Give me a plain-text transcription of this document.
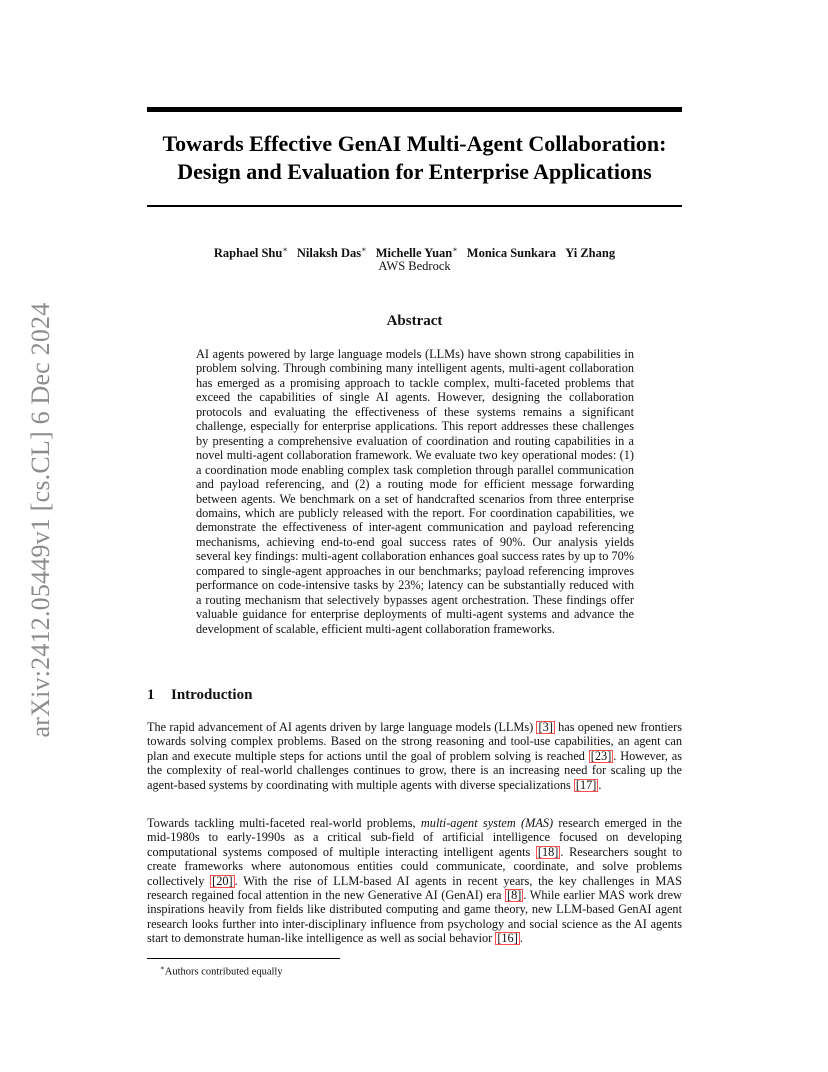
Towards Effective GenAI Multi-Agent Collaboration:
Design and Evaluation for Enterprise Applications
arXiv:2412.05449v1 [cs.CL] 6 Dec 2024
Raphael Shu∗ Nilaksh Das∗ Michelle Yuan∗ Monica Sunkara Yi Zhang
AWS Bedrock
Abstract
AI agents powered by large language models (LLMs) have shown strong capabilities in problem solving. Through combining many intelligent agents, multi-agent collaboration has emerged as a promising approach to tackle complex, multi-faceted problems that exceed the capabilities of single AI agents. However, designing the collaboration protocols and evaluating the effectiveness of these systems remains a significant challenge, especially for enterprise applications. This report addresses these challenges by presenting a comprehensive evaluation of coordination and routing capabilities in a novel multi-agent collaboration framework. We evaluate two key operational modes: (1) a coordination mode enabling complex task completion through parallel communication and payload referencing, and (2) a routing mode for efficient message forwarding between agents. We benchmark on a set of handcrafted scenarios from three enterprise domains, which are publicly released with the report. For coordination capabilities, we demonstrate the effectiveness of inter-agent communication and payload referencing mechanisms, achieving end-to-end goal success rates of 90%. Our analysis yields several key findings: multi-agent collaboration enhances goal success rates by up to 70% compared to single-agent approaches in our benchmarks; payload referencing improves performance on code-intensive tasks by 23%; latency can be substantially reduced with a routing mechanism that selectively bypasses agent orchestration. These findings offer valuable guidance for enterprise deployments of multi-agent systems and advance the development of scalable, efficient multi-agent collaboration frameworks.
1 Introduction
The rapid advancement of AI agents driven by large language models (LLMs) [3] has opened new frontiers towards solving complex problems. Based on the strong reasoning and tool-use capabilities, an agent can plan and execute multiple steps for actions until the goal of problem solving is reached [23] . However, as the complexity of real-world challenges continues to grow, there is an increasing need for scaling up the agent-based systems by coordinating with multiple agents with diverse specializations [17] .
Towards tackling multi-faceted real-world problems, multi-agent system (MAS) research emerged in the mid-1980s to early-1990s as a critical sub-field of artificial intelligence focused on developing computational systems composed of multiple interacting intelligent agents [18] . Researchers sought to create frameworks where autonomous entities could communicate, coordinate, and solve problems collectively [20] . With the rise of LLM-based AI agents in recent years, the key challenges in MAS research regained focal attention in the new Generative AI (GenAI) era [8] . While earlier MAS work drew inspirations heavily from fields like distributed computing and game theory, new LLM-based GenAI agent research looks further into inter-disciplinary influence from psychology and social science as the AI agents start to demonstrate human-like intelligence as well as social behavior [16] .
∗Authors contributed equally
